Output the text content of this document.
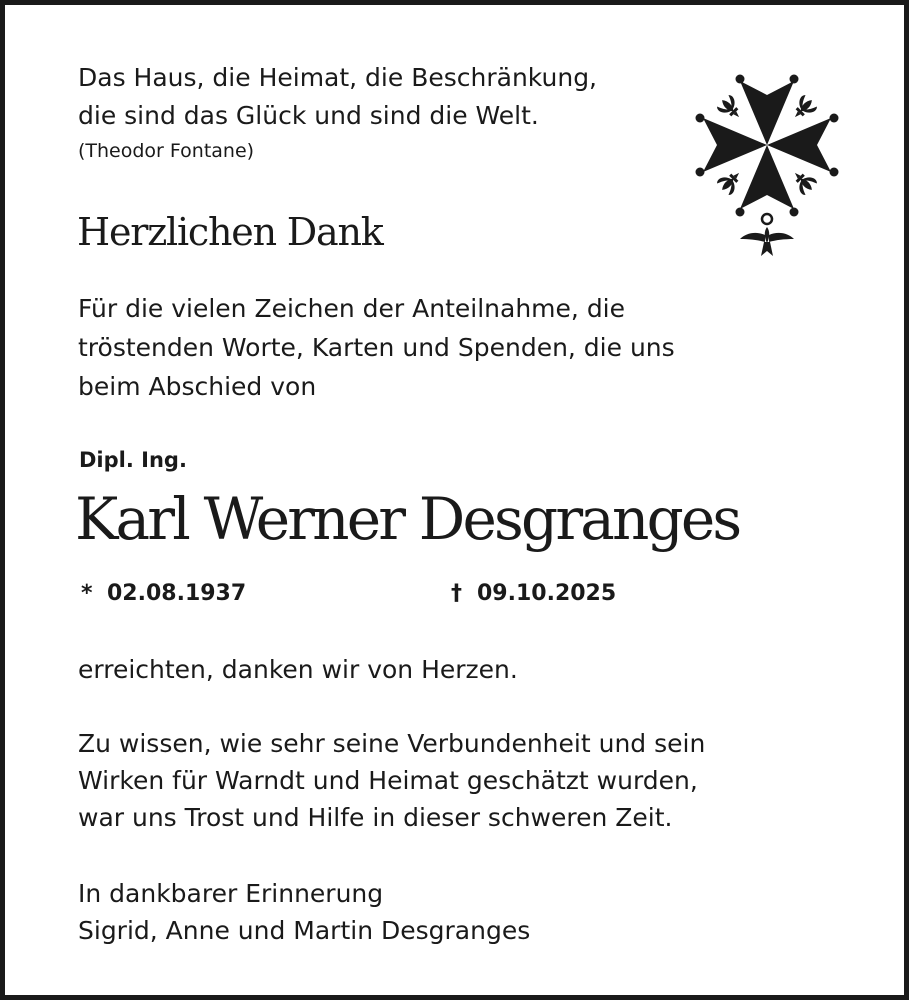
Das Haus, die Heimat, die Beschränkung,
die sind das Glück und sind die Welt.
(Theodor Fontane)
Herzlichen Dank
Für die vielen Zeichen der Anteilnahme, die
tröstenden Worte, Karten und Spenden, die uns
beim Abschied von
Dipl. Ing.
Karl Werner Desgranges
* 02.08.1937	† 09.10.2025
erreichten, danken wir von Herzen.
Zu wissen, wie sehr seine Verbundenheit und sein
Wirken für Warndt und Heimat geschätzt wurden,
war uns Trost und Hilfe in dieser schweren Zeit.
In dankbarer Erinnerung
Sigrid, Anne und Martin Desgranges
